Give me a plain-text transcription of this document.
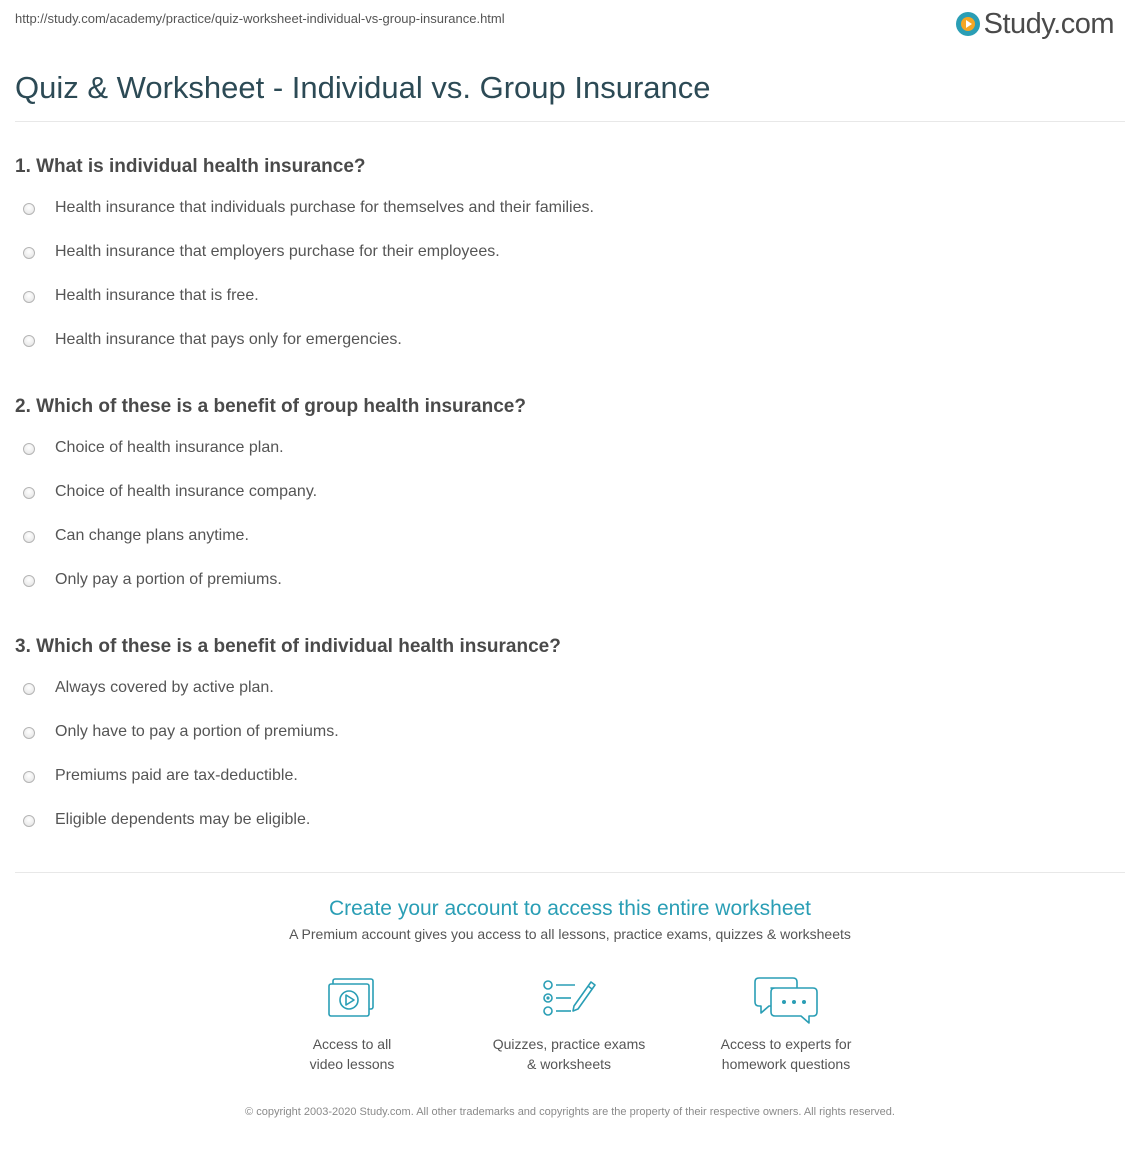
http://study.com/academy/practice/quiz-worksheet-individual-vs-group-insurance.html	Study.com
Quiz & Worksheet - Individual vs. Group Insurance
1. What is individual health insurance?
Health insurance that individuals purchase for themselves and their families.
Health insurance that employers purchase for their employees.
Health insurance that is free.
Health insurance that pays only for emergencies.
2. Which of these is a benefit of group health insurance?
Choice of health insurance plan.
Choice of health insurance company.
Can change plans anytime.
Only pay a portion of premiums.
3. Which of these is a benefit of individual health insurance?
Always covered by active plan.
Only have to pay a portion of premiums.
Premiums paid are tax-deductible.
Eligible dependents may be eligible.
Create your account to access this entire worksheet
A Premium account gives you access to all lessons, practice exams, quizzes & worksheets
Access to all
video lessons
Quizzes, practice exams
& worksheets
Access to experts for
homework questions
© copyright 2003-2020 Study.com. All other trademarks and copyrights are the property of their respective owners. All rights reserved.
